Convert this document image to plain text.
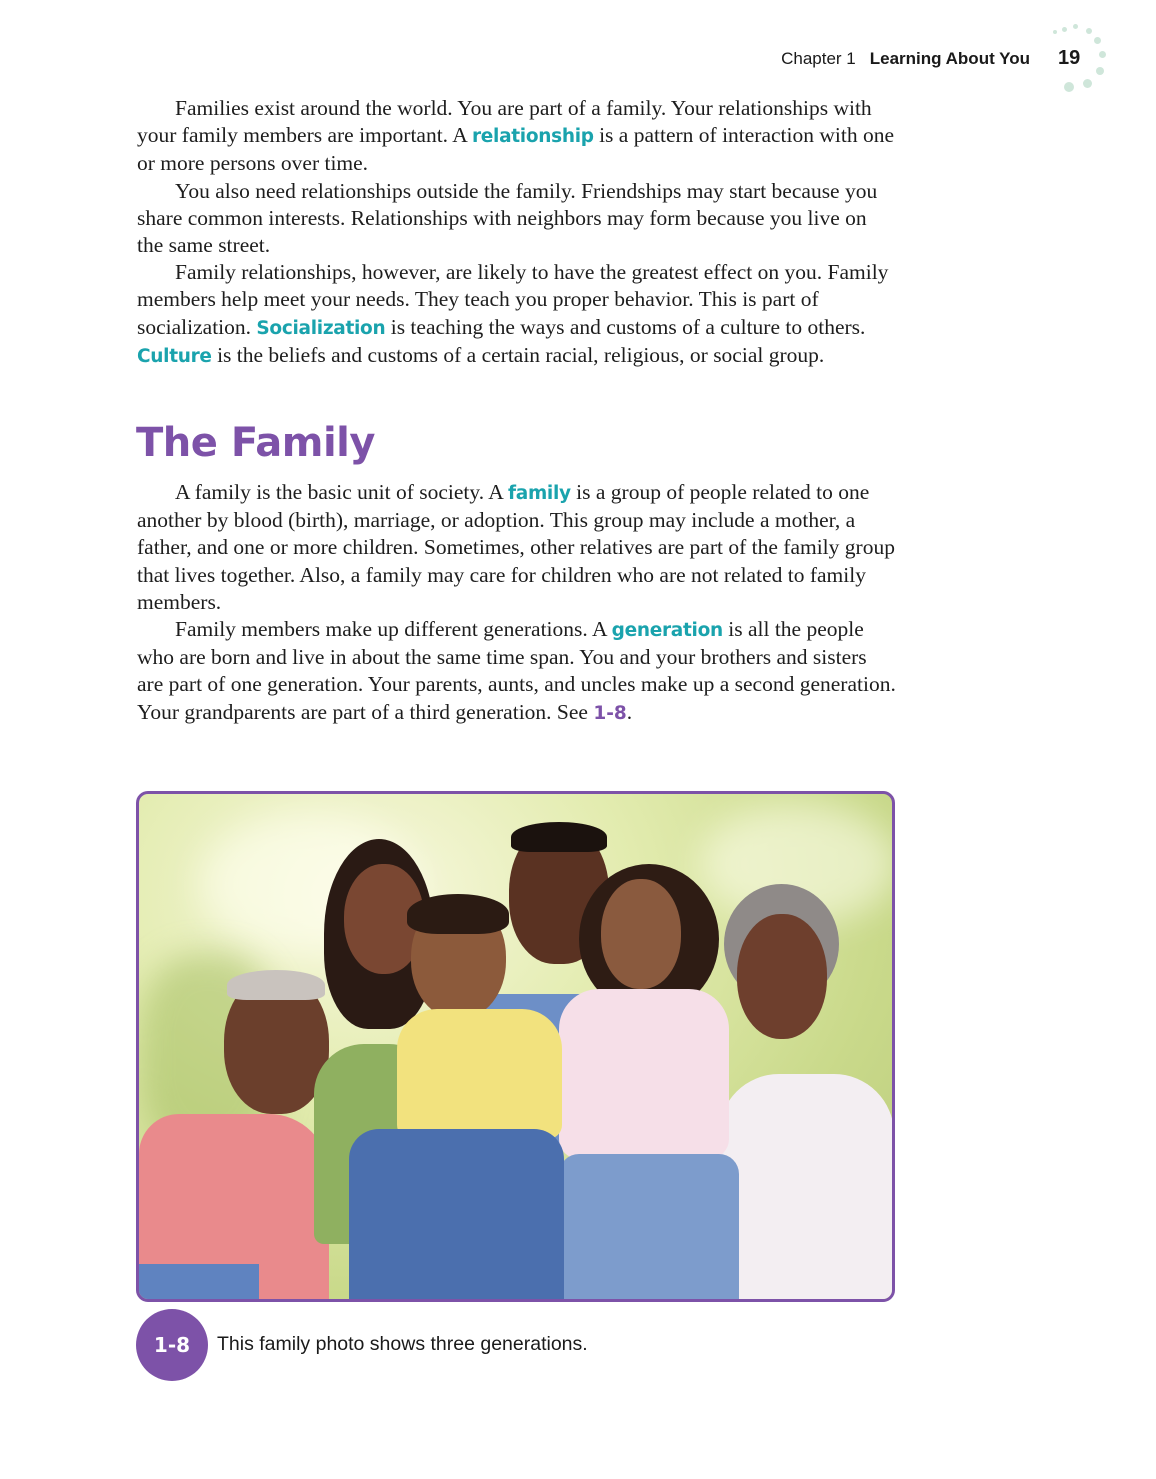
Chapter 1 Learning About You 19

Families exist around the world. You are part of a family. Your relationships with your family members are important. A relationship is a pattern of interaction with one or more persons over time.

You also need relationships outside the family. Friendships may start because you share common interests. Relationships with neighbors may form because you live on the same street.

Family relationships, however, are likely to have the greatest effect on you. Family members help meet your needs. They teach you proper behavior. This is part of socialization. Socialization is teaching the ways and customs of a culture to others. Culture is the beliefs and customs of a certain racial, religious, or social group.

The Family

A family is the basic unit of society. A family is a group of people related to one another by blood (birth), marriage, or adoption. This group may include a mother, a father, and one or more children. Sometimes, other relatives are part of the family group that lives together. Also, a family may care for children who are not related to family members.

Family members make up different generations. A generation is all the people who are born and live in about the same time span. You and your brothers and sisters are part of one generation. Your parents, aunts, and uncles make up a second generation. Your grandparents are part of a third generation. See 1-8.

1-8	This family photo shows three generations.
